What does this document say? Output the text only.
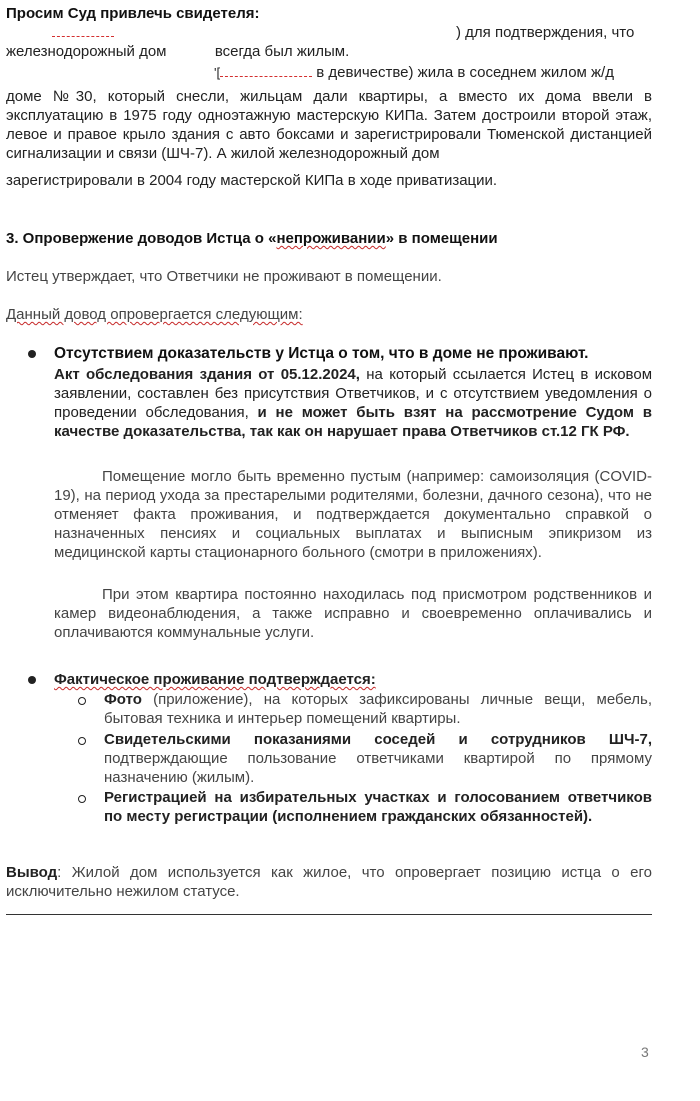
Просим Суд привлечь свидетеля:
) для подтверждения, что
железнодорожный дом	всегда был жилым.
'[	в девичестве) жила в соседнем жилом ж/д
доме №30, который снесли, жильцам дали квартиры, а вместо их дома ввели в эксплуатацию в 1975 году одноэтажную мастерскую КИПа. Затем достроили второй этаж, левое и правое крыло здания с авто боксами и зарегистрировали Тюменской дистанцией сигнализации и связи (ШЧ-7). А жилой железнодорожный дом
зарегистрировали в 2004 году мастерской КИПа в ходе приватизации.
3. Опровержение доводов Истца о «непроживании» в помещении
Истец утверждает, что Ответчики не проживают в помещении.
Данный довод опровергается следующим:
Отсутствием доказательств у Истца о том, что в доме не проживают.
Акт обследования здания от 05.12.2024, на который ссылается Истец в исковом заявлении, составлен без присутствия Ответчиков, и с отсутствием уведомления о проведении обследования, и не может быть взят на рассмотрение Судом в качестве доказательства, так как он нарушает права Ответчиков ст.12 ГК РФ.
Помещение могло быть временно пустым (например: самоизоляция (COVID-19), на период ухода за престарелыми родителями, болезни, дачного сезона), что не отменяет факта проживания, и подтверждается документально справкой о назначенных пенсиях и социальных выплатах и выписным эпикризом из медицинской карты стационарного больного (смотри в приложениях).
При этом квартира постоянно находилась под присмотром родственников и камер видеонаблюдения, а также исправно и своевременно оплачивались и оплачиваются коммунальные услуги.
Фактическое проживание подтверждается:
Фото (приложение), на которых зафиксированы личные вещи, мебель, бытовая техника и интерьер помещений квартиры.
Свидетельскими показаниями соседей и сотрудников ШЧ-7, подтверждающие пользование ответчиками квартирой по прямому назначению (жилым).
Регистрацией на избирательных участках и голосованием ответчиков по месту регистрации (исполнением гражданских обязанностей).
Вывод: Жилой дом используется как жилое, что опровергает позицию истца о его исключительно нежилом статусе.
3
